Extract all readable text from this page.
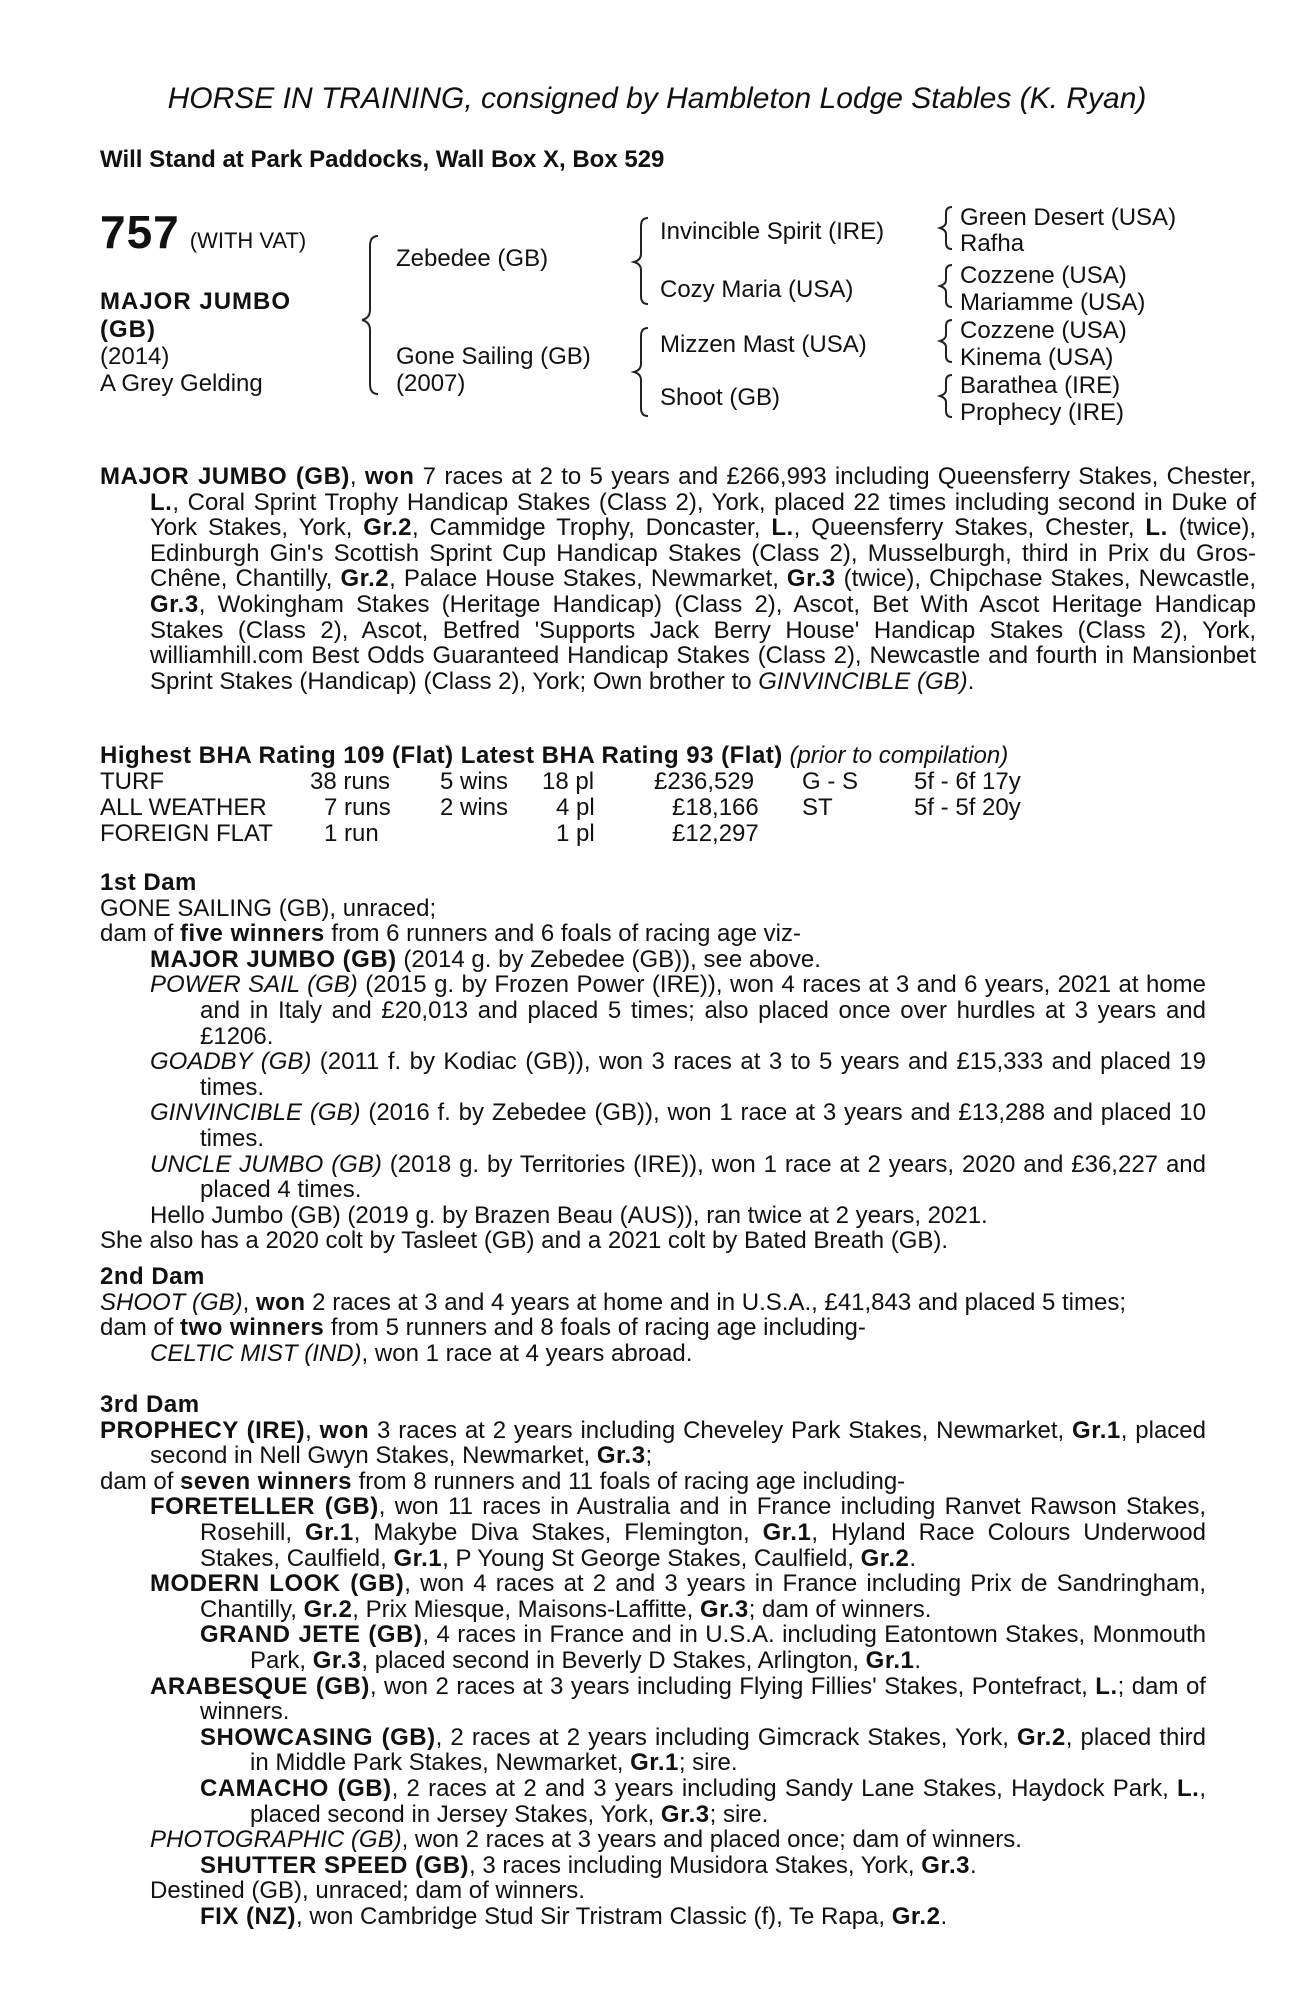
HORSE IN TRAINING, consigned by Hambleton Lodge Stables (K. Ryan)
Will Stand at Park Paddocks, Wall Box X, Box 529
757 (WITH VAT)
MAJOR JUMBO
(GB)
(2014)
A Grey Gelding
Zebedee (GB)
Gone Sailing (GB)
(2007)
Invincible Spirit (IRE)
Cozy Maria (USA)
Mizzen Mast (USA)
Shoot (GB)
Green Desert (USA)
Rafha
Cozzene (USA)
Mariamme (USA)
Cozzene (USA)
Kinema (USA)
Barathea (IRE)
Prophecy (IRE)
MAJOR JUMBO (GB), won 7 races at 2 to 5 years and £266,993 including Queensferry Stakes, Chester, L., Coral Sprint Trophy Handicap Stakes (Class 2), York, placed 22 times including second in Duke of York Stakes, York, Gr.2, Cammidge Trophy, Doncaster, L., Queensferry Stakes, Chester, L. (twice), Edinburgh Gin's Scottish Sprint Cup Handicap Stakes (Class 2), Musselburgh, third in Prix du Gros-Chêne, Chantilly, Gr.2, Palace House Stakes, Newmarket, Gr.3 (twice), Chipchase Stakes, Newcastle, Gr.3, Wokingham Stakes (Heritage Handicap) (Class 2), Ascot, Bet With Ascot Heritage Handicap Stakes (Class 2), Ascot, Betfred 'Supports Jack Berry House' Handicap Stakes (Class 2), York, williamhill.com Best Odds Guaranteed Handicap Stakes (Class 2), Newcastle and fourth in Mansionbet Sprint Stakes (Handicap) (Class 2), York; Own brother to GINVINCIBLE (GB).
Highest BHA Rating 109 (Flat) Latest BHA Rating 93 (Flat) (prior to compilation)
TURF	38 runs 5 wins 18 pl £236,529 G - S 5f - 6f 17y
ALL WEATHER 7 runs 2 wins 4 pl	£18,166 ST	5f - 5f 20y
FOREIGN FLAT 1 run	1 pl	£12,297

1st Dam

GONE SAILING (GB), unraced;

dam of five winners from 6 runners and 6 foals of racing age viz-

MAJOR JUMBO (GB) (2014 g. by Zebedee (GB)), see above.

POWER SAIL (GB) (2015 g. by Frozen Power (IRE)), won 4 races at 3 and 6 years, 2021 at home and in Italy and £20,013 and placed 5 times; also placed once over hurdles at 3 years and £1206.

GOADBY (GB) (2011 f. by Kodiac (GB)), won 3 races at 3 to 5 years and £15,333 and placed 19 times.

GINVINCIBLE (GB) (2016 f. by Zebedee (GB)), won 1 race at 3 years and £13,288 and placed 10 times.

UNCLE JUMBO (GB) (2018 g. by Territories (IRE)), won 1 race at 2 years, 2020 and £36,227 and placed 4 times.

Hello Jumbo (GB) (2019 g. by Brazen Beau (AUS)), ran twice at 2 years, 2021.

She also has a 2020 colt by Tasleet (GB) and a 2021 colt by Bated Breath (GB).

2nd Dam

SHOOT (GB), won 2 races at 3 and 4 years at home and in U.S.A., £41,843 and placed 5 times;

dam of two winners from 5 runners and 8 foals of racing age including-

CELTIC MIST (IND), won 1 race at 4 years abroad.

3rd Dam

PROPHECY (IRE), won 3 races at 2 years including Cheveley Park Stakes, Newmarket, Gr.1, placed second in Nell Gwyn Stakes, Newmarket, Gr.3;

dam of seven winners from 8 runners and 11 foals of racing age including-

FORETELLER (GB), won 11 races in Australia and in France including Ranvet Rawson Stakes, Rosehill, Gr.1, Makybe Diva Stakes, Flemington, Gr.1, Hyland Race Colours Underwood Stakes, Caulfield, Gr.1, P Young St George Stakes, Caulfield, Gr.2.

MODERN LOOK (GB), won 4 races at 2 and 3 years in France including Prix de Sandringham, Chantilly, Gr.2, Prix Miesque, Maisons-Laffitte, Gr.3; dam of winners.

GRAND JETE (GB), 4 races in France and in U.S.A. including Eatontown Stakes, Monmouth Park, Gr.3, placed second in Beverly D Stakes, Arlington, Gr.1.

ARABESQUE (GB), won 2 races at 3 years including Flying Fillies' Stakes, Pontefract, L.; dam of winners.

SHOWCASING (GB), 2 races at 2 years including Gimcrack Stakes, York, Gr.2, placed third in Middle Park Stakes, Newmarket, Gr.1; sire.

CAMACHO (GB), 2 races at 2 and 3 years including Sandy Lane Stakes, Haydock Park, L., placed second in Jersey Stakes, York, Gr.3; sire.

PHOTOGRAPHIC (GB), won 2 races at 3 years and placed once; dam of winners.

SHUTTER SPEED (GB), 3 races including Musidora Stakes, York, Gr.3.

Destined (GB), unraced; dam of winners.

FIX (NZ), won Cambridge Stud Sir Tristram Classic (f), Te Rapa, Gr.2.
